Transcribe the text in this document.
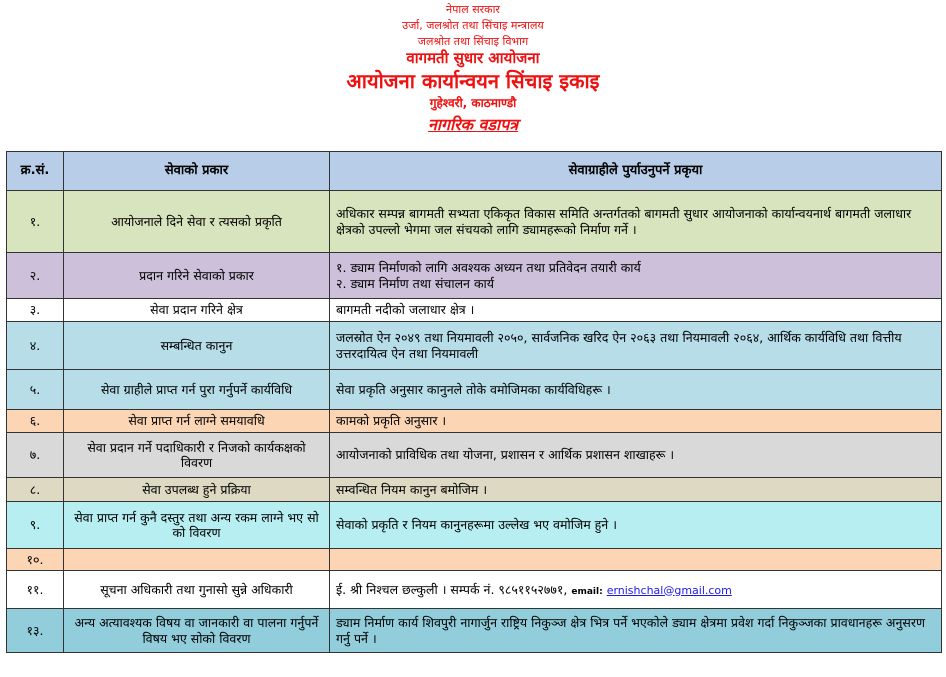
नेपाल सरकार
उर्जा, जलश्रोत तथा सिंचाइ मन्त्रालय
जलश्रोत तथा सिंचाइ विभाग
वागमती सुधार आयोजना
आयोजना कार्यान्वयन सिंचाइ इकाइ
गुहेश्वरी, काठमाण्डौ
नागरिक वडापत्र
क्र.सं.	सेवाको प्रकार	सेवाग्राहीले पुर्याउनुपर्ने प्रकृया
१.	आयोजनाले दिने सेवा र त्यसको प्रकृति	अधिकार सम्पन्न बागमती सभ्यता एकिकृत विकास समिति अन्तर्गतको बागमती सुधार आयोजनाको कार्यान्वयनार्थ बागमती जलाधार क्षेत्रको उपल्लो भेगमा जल संचयको लागि ड्यामहरूको निर्माण गर्ने ।
२.	प्रदान गरिने सेवाको प्रकार	१. ड्याम निर्माणको लागि अवश्यक अध्यन तथा प्रतिवेदन तयारी कार्य
२. ड्याम निर्माण तथा संचालन कार्य

३.	सेवा प्रदान गरिने क्षेत्र	बागमती नदीको जलाधार क्षेत्र ।
४.	सम्बन्धित कानुन	जलस्रोत ऐन २०४९ तथा नियमावली २०५०, सार्वजनिक खरिद ऐन २०६३ तथा नियमावली २०६४, आर्थिक कार्यविधि तथा वित्तीय उत्तरदायित्व ऐन तथा नियमावली
५.	सेवा ग्राहीले प्राप्त गर्न पुरा गर्नुपर्ने कार्यविधि	सेवा प्रकृति अनुसार कानुनले तोके वमोजिमका कार्यविधिहरू ।
६.	सेवा प्राप्त गर्न लाग्ने समयावधि	कामको प्रकृति अनुसार ।
७.	सेवा प्रदान गर्ने पदाधिकारी र निजको कार्यकक्षको विवरण	आयोजनाको प्राविधिक तथा योजना, प्रशासन र आर्थिक प्रशासन शाखाहरू ।
८.	सेवा उपलब्ध हुने प्रक्रिया	सम्वन्धित नियम कानुन बमोजिम ।
९.	सेवा प्राप्त गर्न कुनै दस्तुर तथा अन्य रकम लाग्ने भए सो को विवरण	सेवाको प्रकृति र नियम कानुनहरूमा उल्लेख भए वमोजिम हुने ।
१०.		
११.	सूचना अधिकारी तथा गुनासो सुन्ने अधिकारी	ई. श्री निश्चल छल्कुली । सम्पर्क नं. ९८५११५२७७१, email: ernishchal@gmail.com
१३.	अन्य अत्यावश्यक विषय वा जानकारी वा पालना गर्नुपर्ने विषय भए सोको विवरण	ड्याम निर्माण कार्य शिवपुरी नागार्जुन राष्ट्रिय निकुञ्ज क्षेत्र भित्र पर्ने भएकोले ड्याम क्षेत्रमा प्रवेश गर्दा निकुञ्जका प्रावधानहरू अनुसरण गर्नु पर्ने ।
